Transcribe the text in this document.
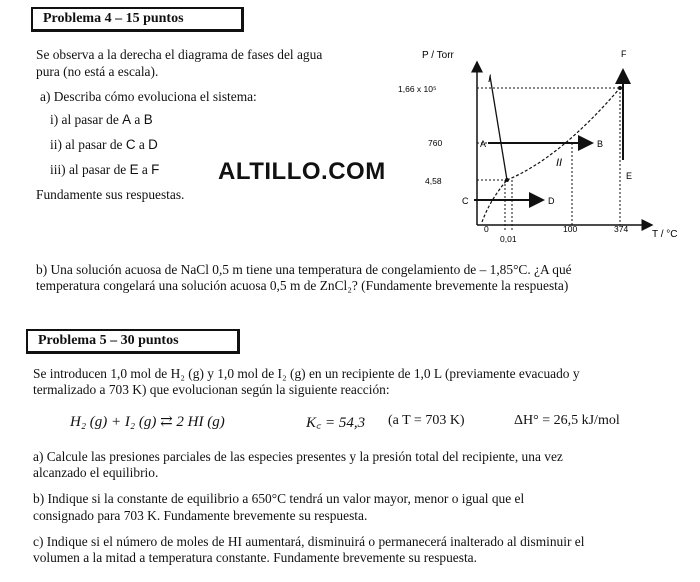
Problema 4 – 15 puntos
Se observa a la derecha el diagrama de fases del agua
pura (no está a escala).
a) Describa cómo evoluciona el sistema:
i) al pasar de A a B
ii) al pasar de C a D
iii) al pasar de E a F
Fundamente sus respuestas.
ALTILLO.COM
P / Torr
T / °C
1,66 x 10⁵
760
4,58
0
0,01
100	374
I
II
A	B
C	D
E
F
b) Una solución acuosa de NaCl 0,5 m tiene una temperatura de congelamiento de – 1,85°C. ¿A qué
temperatura congelará una solución acuosa 0,5 m de ZnCl₂? (Fundamente brevemente la respuesta)
Problema 5 – 30 puntos
Se introducen 1,0 mol de H₂ (g) y 1,0 mol de I₂ (g) en un recipiente de 1,0 L (previamente evacuado y
termalizado a 703 K) que evolucionan según la siguiente reacción:
H₂ (g) + I₂ (g) ⇄ 2 HI (g)	K꜀ = 54,3 (a T = 703 K)	ΔH° = 26,5 kJ/mol
a) Calcule las presiones parciales de las especies presentes y la presión total del recipiente, una vez
alcanzado el equilibrio.
b) Indique si la constante de equilibrio a 650°C tendrá un valor mayor, menor o igual que el
consignado para 703 K. Fundamente brevemente su respuesta.
c) Indique si el número de moles de HI aumentará, disminuirá o permanecerá inalterado al disminuir el
volumen a la mitad a temperatura constante. Fundamente brevemente su respuesta.
